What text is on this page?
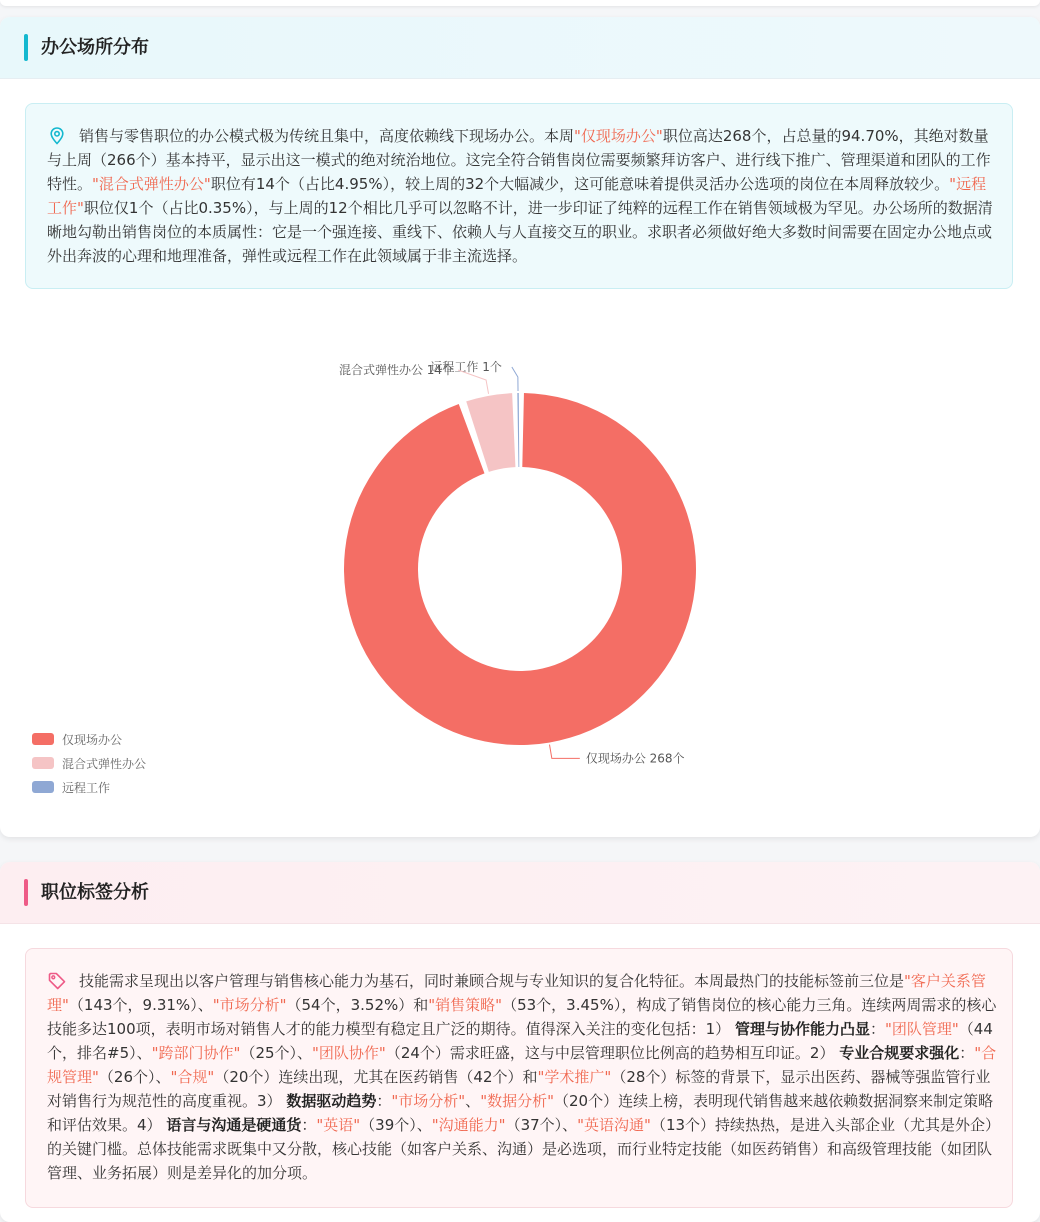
办公场所分布

销售与零售职位的办公模式极为传统且集中，高度依赖线下现场办公。本周"仅现场办公"职位高达268个，占总量的94.70%，其绝对数量与上周（266个）基本持平，显示出这一模式的绝对统治地位。这完全符合销售岗位需要频繁拜访客户、进行线下推广、管理渠道和团队的工作特性。"混合式弹性办公"职位有14个（占比4.95%），较上周的32个大幅减少，这可能意味着提供灵活办公选项的岗位在本周释放较少。"远程工作"职位仅1个（占比0.35%），与上周的12个相比几乎可以忽略不计，进一步印证了纯粹的远程工作在销售领域极为罕见。办公场所的数据清晰地勾勒出销售岗位的本质属性：它是一个强连接、重线下、依赖人与人直接交互的职业。求职者必须做好绝大多数时间需要在固定办公地点或外出奔波的心理和地理准备，弹性或远程工作在此领域属于非主流选择。

远程工作 1个
混合式弹性办公 14个
仅现场办公 268个
仅现场办公
混合式弹性办公
远程工作
职位标签分析

技能需求呈现出以客户管理与销售核心能力为基石，同时兼顾合规与专业知识的复合化特征。本周最热门的技能标签前三位是"客户关系管理"（143个，9.31%）、"市场分析"（54个，3.52%）和"销售策略"（53个，3.45%），构成了销售岗位的核心能力三角。连续两周需求的核心技能多达100项，表明市场对销售人才的能力模型有稳定且广泛的期待。值得深入关注的变化包括：1） 管理与协作能力凸显："团队管理"（44个，排名#5）、"跨部门协作"（25个）、"团队协作"（24个）需求旺盛，这与中层管理职位比例高的趋势相互印证。2） 专业合规要求强化："合规管理"（26个）、"合规"（20个）连续出现，尤其在医药销售（42个）和"学术推广"（28个）标签的背景下，显示出医药、器械等强监管行业对销售行为规范性的高度重视。3） 数据驱动趋势："市场分析"、"数据分析"（20个）连续上榜，表明现代销售越来越依赖数据洞察来制定策略和评估效果。4） 语言与沟通是硬通货："英语"（39个）、"沟通能力"（37个）、"英语沟通"（13个）持续热热，是进入头部企业（尤其是外企）的关键门槛。总体技能需求既集中又分散，核心技能（如客户关系、沟通）是必选项，而行业特定技能（如医药销售）和高级管理技能（如团队管理、业务拓展）则是差异化的加分项。
